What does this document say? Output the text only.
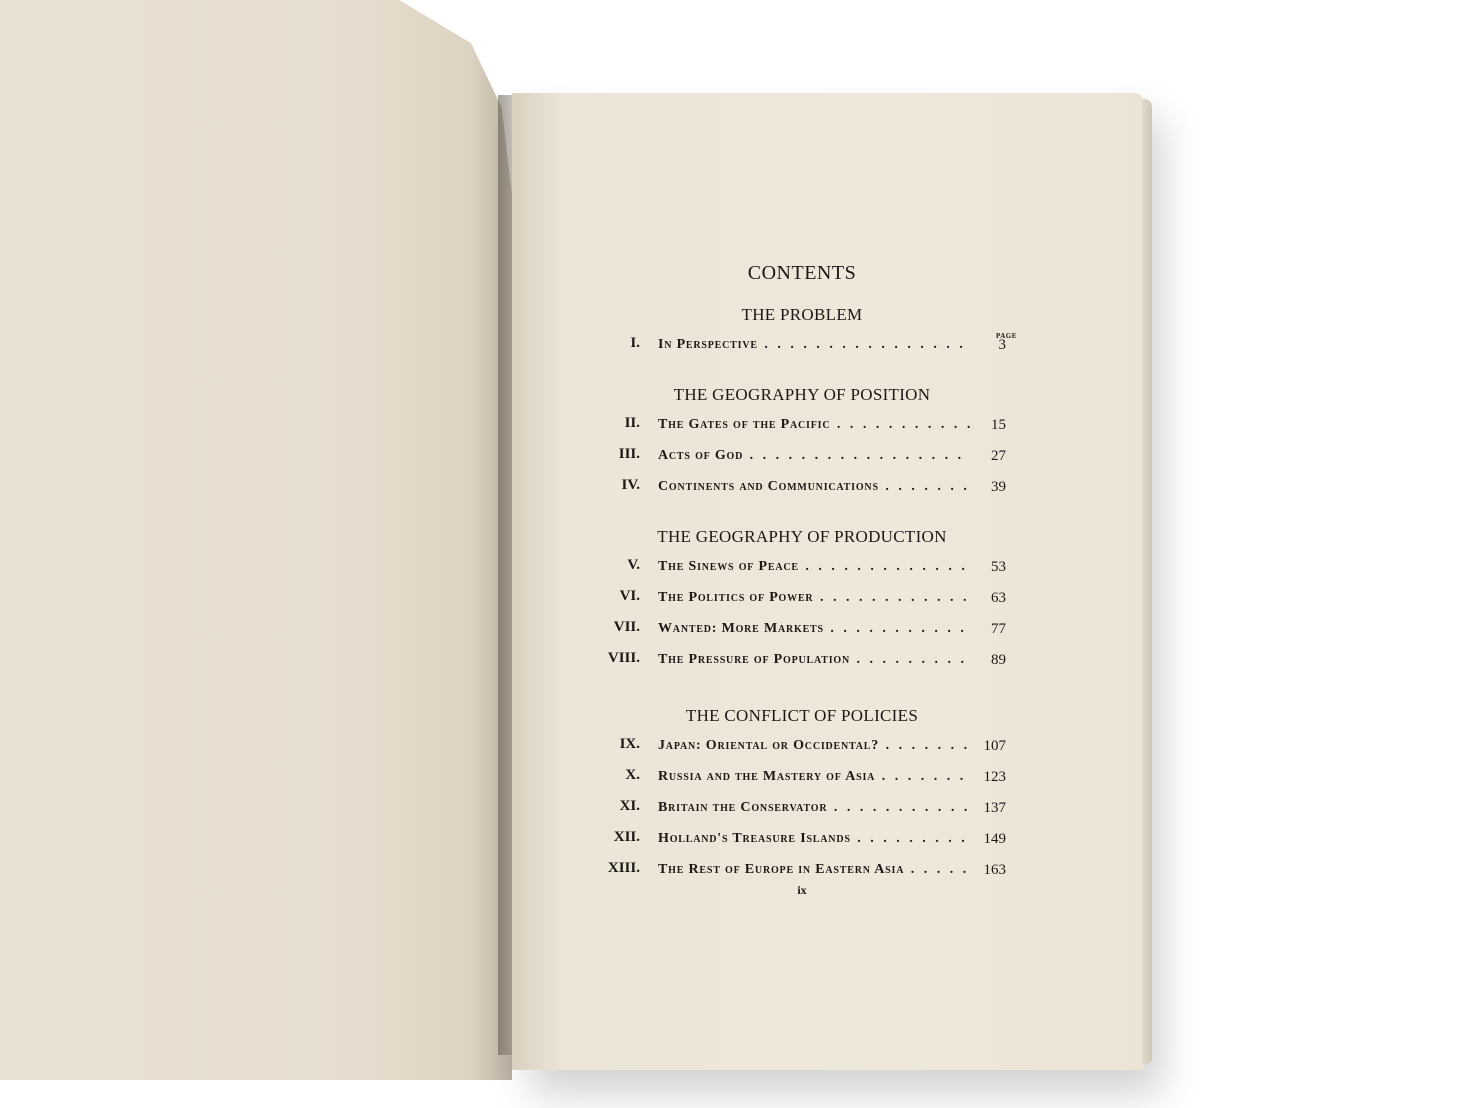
CONTENTS
PAGE
THE PROBLEM
I. In Perspective . . .	3
THE GEOGRAPHY OF POSITION
II. The Gates of the Pacific . . .	15
III. Acts of God . . .	27
IV. Continents and Communications . . .	39
THE GEOGRAPHY OF PRODUCTION
V. The Sinews of Peace . . .	53
VI. The Politics of Power . . .	63
VII. Wanted: More Markets . . .	77
VIII. The Pressure of Population . . .	89
THE CONFLICT OF POLICIES
IX. Japan: Oriental or Occidental? . . .	107
X. Russia and the Mastery of Asia . . .	123
XI. Britain the Conservator . . .	137
XII. Holland's Treasure Islands . . .	149
XIII. The Rest of Europe in Eastern Asia . . .	163
ix
